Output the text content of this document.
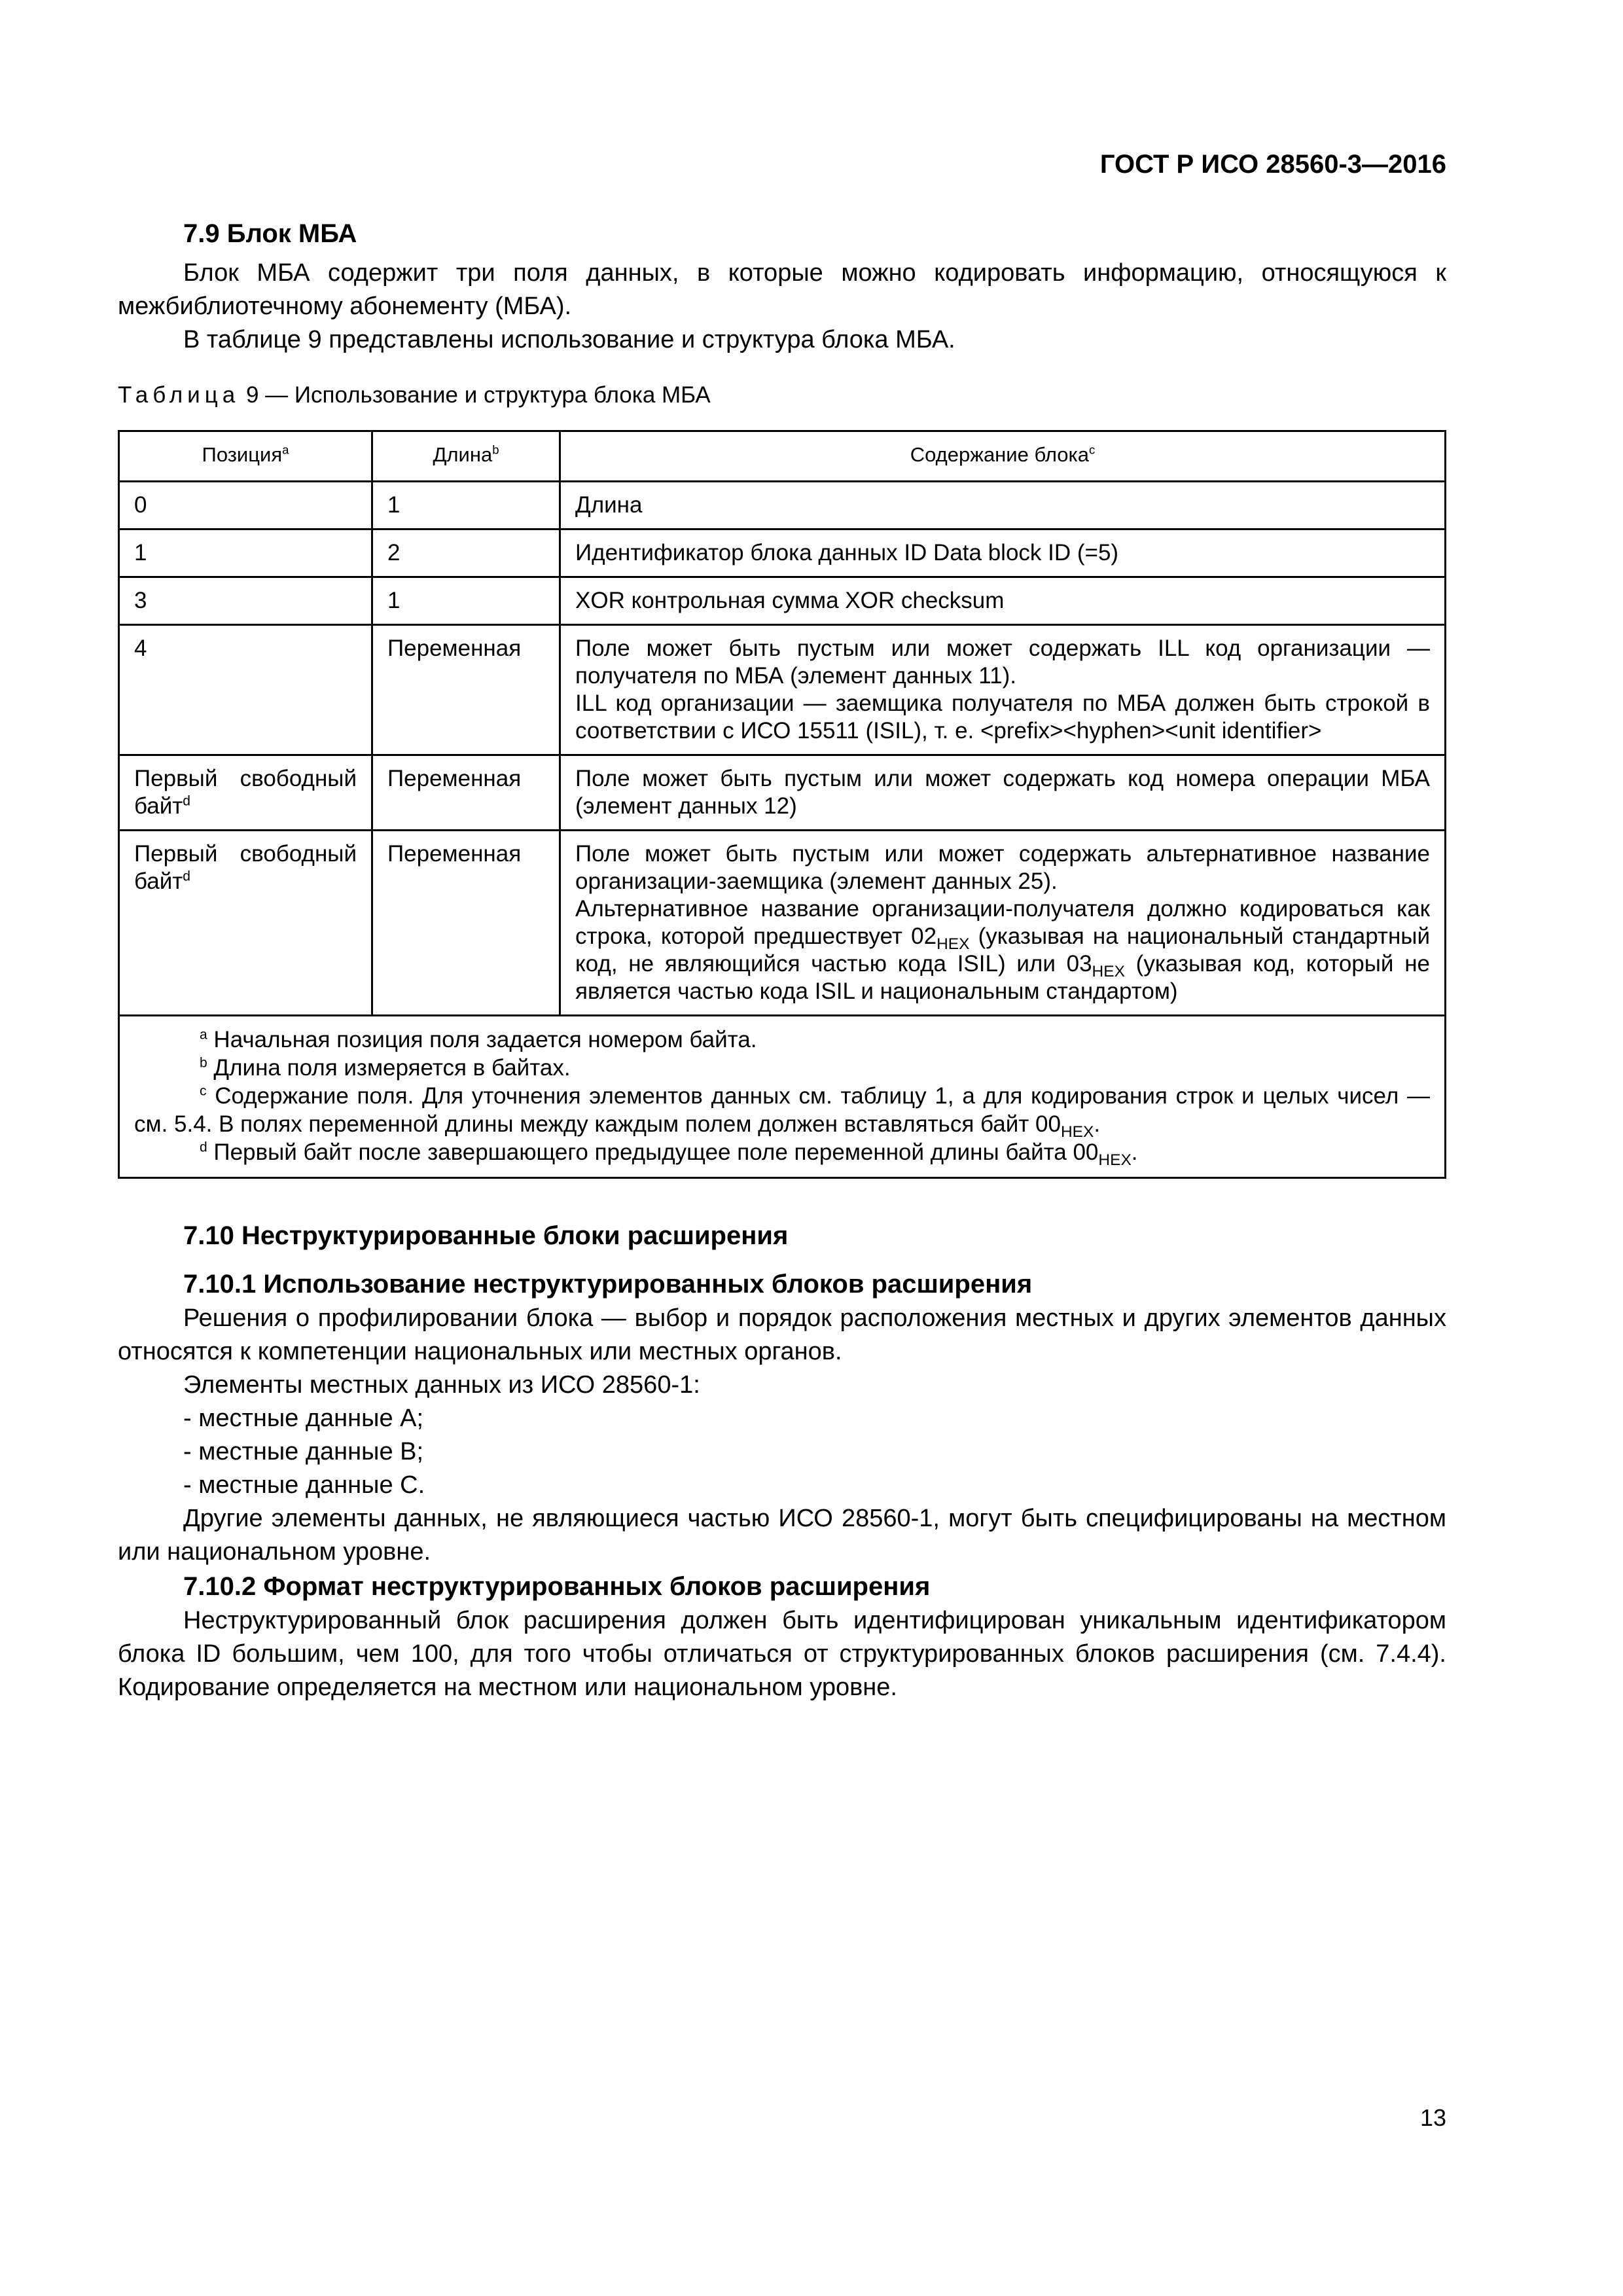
ГОСТ Р ИСО 28560-3—2016
7.9 Блок МБА

Блок МБА содержит три поля данных, в которые можно кодировать информацию, относящуюся к межбиблиотечному абонементу (МБА).

В таблице 9 представлены использование и структура блока МБА.

Таблица 9 — Использование и структура блока МБА
Позиция$^a$	Длина$^b$	Содержание блока$^c$
0	1	Длина
1	2	Идентификатор блока данных ID Data block ID (=5)
3	1	XOR контрольная сумма XOR checksum
4	Переменная	Поле может быть пустым или может содержать ILL код организации — получателя по МБА (элемент данных 11).
ILL код организации — заемщика получателя по МБА должен быть строкой в соответствии с ИСО 15511 (ISIL), т. е. <prefix><hyphen><unit identifier>

Первый свободный байт$^d$	Переменная	Поле может быть пустым или может содержать код номера операции МБА (элемент данных 12)
Первый свободный байт$^d$	Переменная	Поле может быть пустым или может содержать альтернативное название организации-заемщика (элемент данных 25).
Альтернативное название организации-получателя должно кодироваться как строка, которой предшествует $02_{HEX}$ (указывая на национальный стандартный код, не являющийся частью кода ISIL) или $03_{HEX}$ (указывая код, который не является частью кода ISIL и национальным стандартом)

$^a$ Начальная позиция поля задается номером байта.

$^b$ Длина поля измеряется в байтах.

$^c$ Содержание поля. Для уточнения элементов данных см. таблицу 1, а для кодирования строк и целых чисел — см. 5.4. В полях переменной длины между каждым полем должен вставляться байт $00_{HEX}$.

$^d$ Первый байт после завершающего предыдущее поле переменной длины байта $00_{HEX}$.		

7.10 Неструктурированные блоки расширения

7.10.1 Использование неструктурированных блоков расширения

Решения о профилировании блока — выбор и порядок расположения местных и других элементов данных относятся к компетенции национальных или местных органов.

Элементы местных данных из ИСО 28560-1:

- местные данные А;

- местные данные В;

- местные данные С.

Другие элементы данных, не являющиеся частью ИСО 28560-1, могут быть специфицированы на местном или национальном уровне.

7.10.2 Формат неструктурированных блоков расширения

Неструктурированный блок расширения должен быть идентифицирован уникальным идентификатором блока ID большим, чем 100, для того чтобы отличаться от структурированных блоков расширения (см. 7.4.4). Кодирование определяется на местном или национальном уровне.

13
